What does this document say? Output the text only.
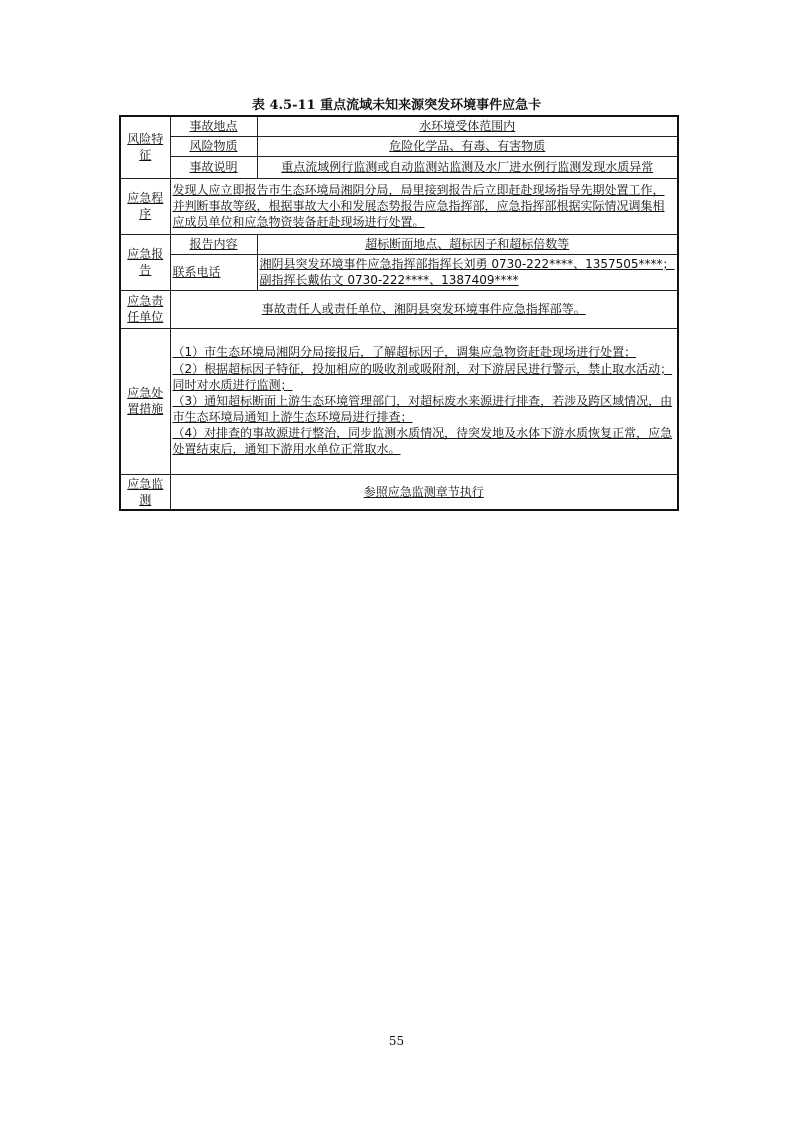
表 4.5-11 重点流域未知来源突发环境事件应急卡
风险特征	事故地点	水环境受体范围内
	风险物质	危险化学品、有毒、有害物质
	事故说明	重点流域例行监测或自动监测站监测及水厂进水例行监测发现水质异常

应急程序	发现人应立即报告市生态环境局湘阴分局，局里接到报告后立即赶赴现场指导先期处置工作，并判断事故等级，根据事故大小和发展态势报告应急指挥部，应急指挥部根据实际情况调集相应成员单位和应急物资装备赶赴现场进行处置。	
应急报告	报告内容	超标断面地点、超标因子和超标倍数等
	联系电话	湘阴县突发环境事件应急指挥部指挥长刘勇 0730-222****、1357505****；
副指挥长戴佑文 0730-222****、1387409****

应急责任单位	事故责任人或责任单位、湘阴县突发环境事件应急指挥部等。	
应急处置措施	（1）市生态环境局湘阴分局接报后，了解超标因子，调集应急物资赶赴现场进行处置；
（2）根据超标因子特征，投加相应的吸收剂或吸附剂，对下游居民进行警示，禁止取水活动；同时对水质进行监测；
（3）通知超标断面上游生态环境管理部门，对超标废水来源进行排查，若涉及跨区域情况，由市生态环境局通知上游生态环境局进行排查；
（4）对排查的事故源进行整治，同步监测水质情况，待突发地及水体下游水质恢复正常，应急处置结束后，通知下游用水单位正常取水。	

应急监测	参照应急监测章节执行	
55
